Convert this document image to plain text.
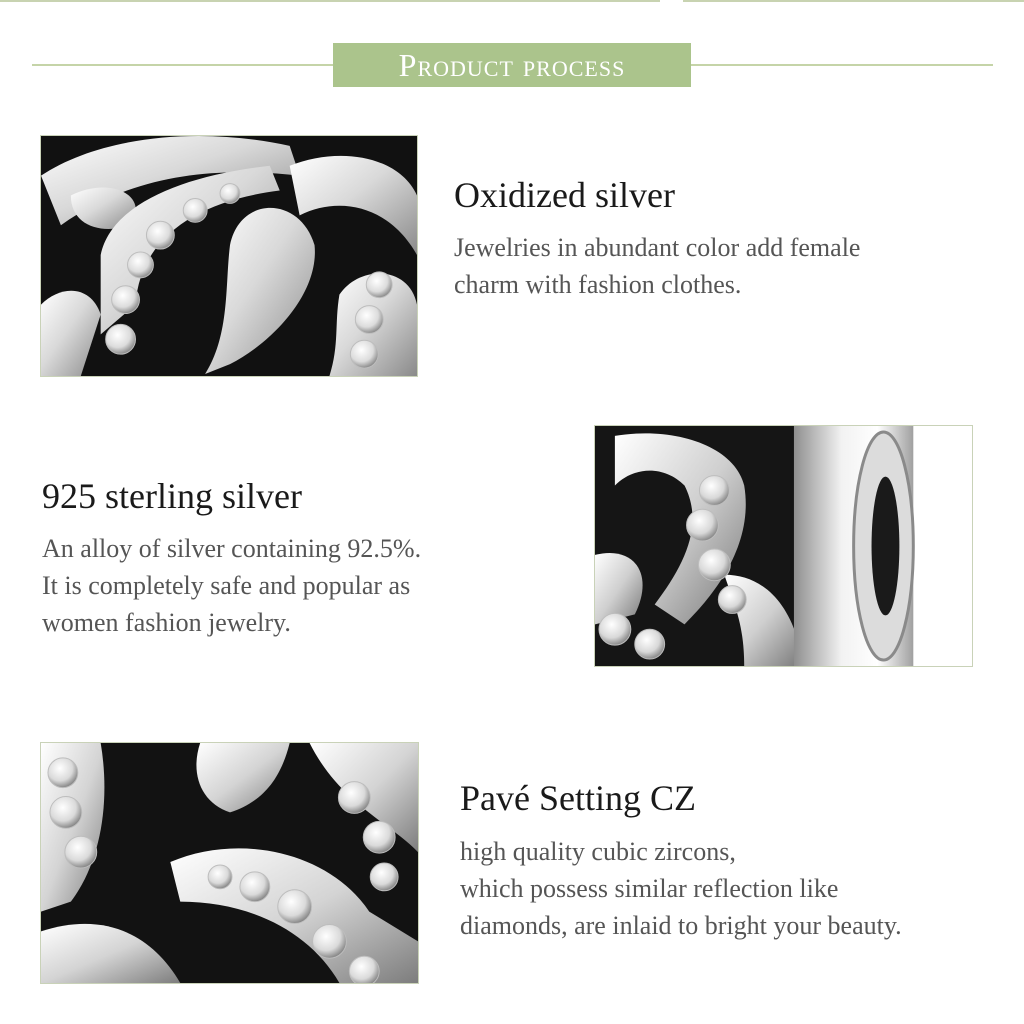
Product process
Oxidized silver
Jewelries in abundant color add female
charm with fashion clothes.
925 sterling silver
An alloy of silver containing 92.5%.
It is completely safe and popular as
women fashion jewelry.
Pavé Setting CZ
high quality cubic zircons,
which possess similar reflection like
diamonds, are inlaid to bright your beauty.
